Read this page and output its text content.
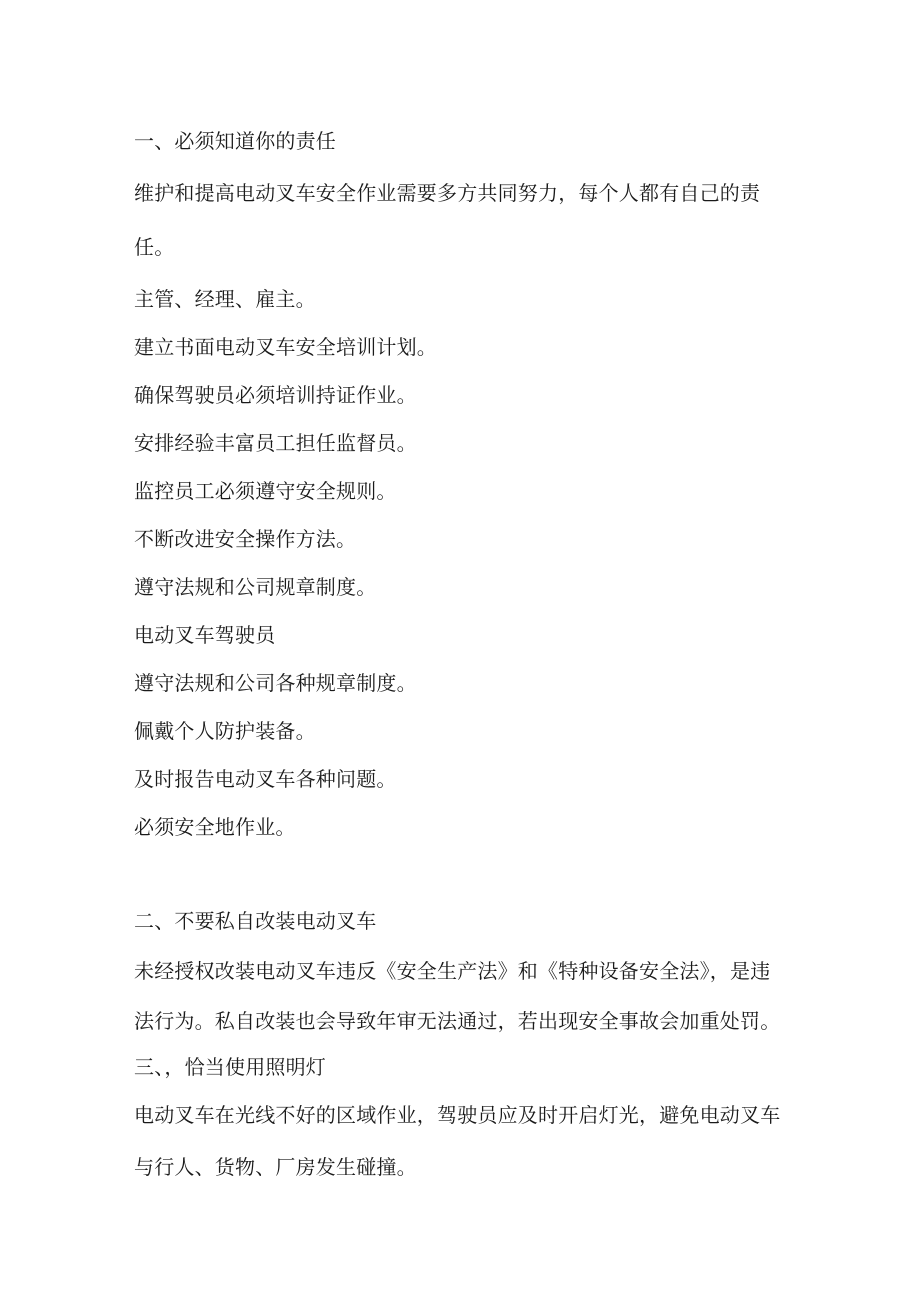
一、必须知道你的责任
维护和提高电动叉车安全作业需要多方共同努力，每个人都有自己的责
任。
主管、经理、雇主。
建立书面电动叉车安全培训计划。
确保驾驶员必须培训持证作业。
安排经验丰富员工担任监督员。
监控员工必须遵守安全规则。
不断改进安全操作方法。
遵守法规和公司规章制度。
电动叉车驾驶员
遵守法规和公司各种规章制度。
佩戴个人防护装备。
及时报告电动叉车各种问题。
必须安全地作业。
二、不要私自改装电动叉车
未经授权改装电动叉车违反《安全生产法》和《特种设备安全法》，是违
法行为。私自改装也会导致年审无法通过，若出现安全事故会加重处罚。
三、，恰当使用照明灯
电动叉车在光线不好的区域作业，驾驶员应及时开启灯光，避免电动叉车
与行人、货物、厂房发生碰撞。
